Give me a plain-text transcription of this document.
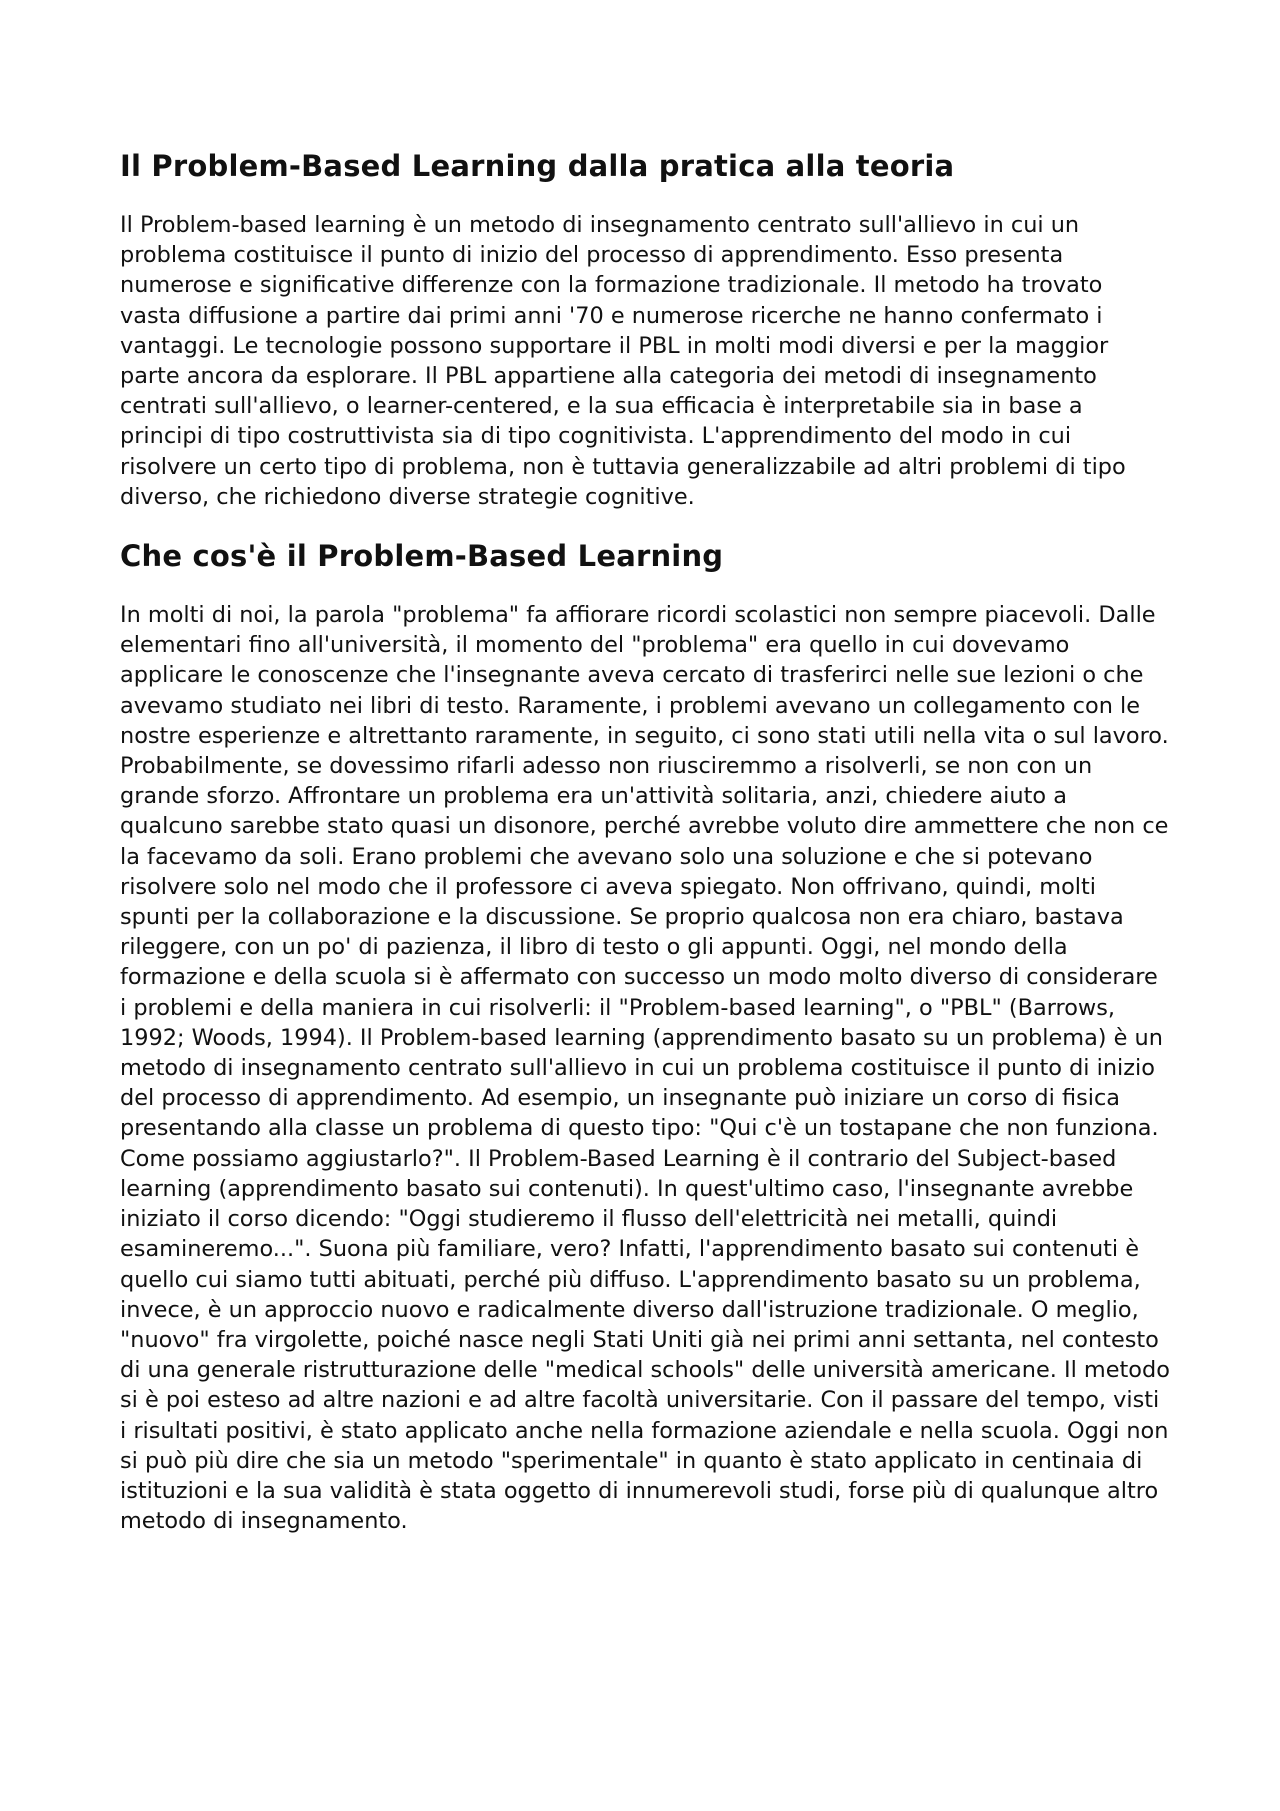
Il Problem-Based Learning dalla pratica alla teoria

Il Problem-based learning è un metodo di insegnamento centrato sull'allievo in cui un problema costituisce il punto di inizio del processo di apprendimento. Esso presenta numerose e significative differenze con la formazione tradizionale. Il metodo ha trovato vasta diffusione a partire dai primi anni '70 e numerose ricerche ne hanno confermato i vantaggi. Le tecnologie possono supportare il PBL in molti modi diversi e per la maggior parte ancora da esplorare. Il PBL appartiene alla categoria dei metodi di insegnamento centrati sull'allievo, o learner-centered, e la sua efficacia è interpretabile sia in base a principi di tipo costruttivista sia di tipo cognitivista. L'apprendimento del modo in cui risolvere un certo tipo di problema, non è tuttavia generalizzabile ad altri problemi di tipo diverso, che richiedono diverse strategie cognitive.

Che cos'è il Problem-Based Learning

In molti di noi, la parola "problema" fa affiorare ricordi scolastici non sempre piacevoli. Dalle elementari fino all'università, il momento del "problema" era quello in cui dovevamo applicare le conoscenze che l'insegnante aveva cercato di trasferirci nelle sue lezioni o che avevamo studiato nei libri di testo. Raramente, i problemi avevano un collegamento con le nostre esperienze e altrettanto raramente, in seguito, ci sono stati utili nella vita o sul lavoro. Probabilmente, se dovessimo rifarli adesso non riusciremmo a risolverli, se non con un grande sforzo. Affrontare un problema era un'attività solitaria, anzi, chiedere aiuto a qualcuno sarebbe stato quasi un disonore, perché avrebbe voluto dire ammettere che non ce la facevamo da soli. Erano problemi che avevano solo una soluzione e che si potevano risolvere solo nel modo che il professore ci aveva spiegato. Non offrivano, quindi, molti spunti per la collaborazione e la discussione. Se proprio qualcosa non era chiaro, bastava rileggere, con un po' di pazienza, il libro di testo o gli appunti. Oggi, nel mondo della formazione e della scuola si è affermato con successo un modo molto diverso di considerare i problemi e della maniera in cui risolverli: il "Problem-based learning", o "PBL" (Barrows, 1992; Woods, 1994). Il Problem-based learning (apprendimento basato su un problema) è un metodo di insegnamento centrato sull'allievo in cui un problema costituisce il punto di inizio del processo di apprendimento. Ad esempio, un insegnante può iniziare un corso di fisica presentando alla classe un problema di questo tipo: "Qui c'è un tostapane che non funziona. Come possiamo aggiustarlo?". Il Problem-Based Learning è il contrario del Subject-based learning (apprendimento basato sui contenuti). In quest'ultimo caso, l'insegnante avrebbe iniziato il corso dicendo: "Oggi studieremo il flusso dell'elettricità nei metalli, quindi esamineremo...". Suona più familiare, vero? Infatti, l'apprendimento basato sui contenuti è quello cui siamo tutti abituati, perché più diffuso. L'apprendimento basato su un problema, invece, è un approccio nuovo e radicalmente diverso dall'istruzione tradizionale. O meglio, "nuovo" fra virgolette, poiché nasce negli Stati Uniti già nei primi anni settanta, nel contesto di una generale ristrutturazione delle "medical schools" delle università americane. Il metodo si è poi esteso ad altre nazioni e ad altre facoltà universitarie. Con il passare del tempo, visti i risultati positivi, è stato applicato anche nella formazione aziendale e nella scuola. Oggi non si può più dire che sia un metodo "sperimentale" in quanto è stato applicato in centinaia di istituzioni e la sua validità è stata oggetto di innumerevoli studi, forse più di qualunque altro metodo di insegnamento.
